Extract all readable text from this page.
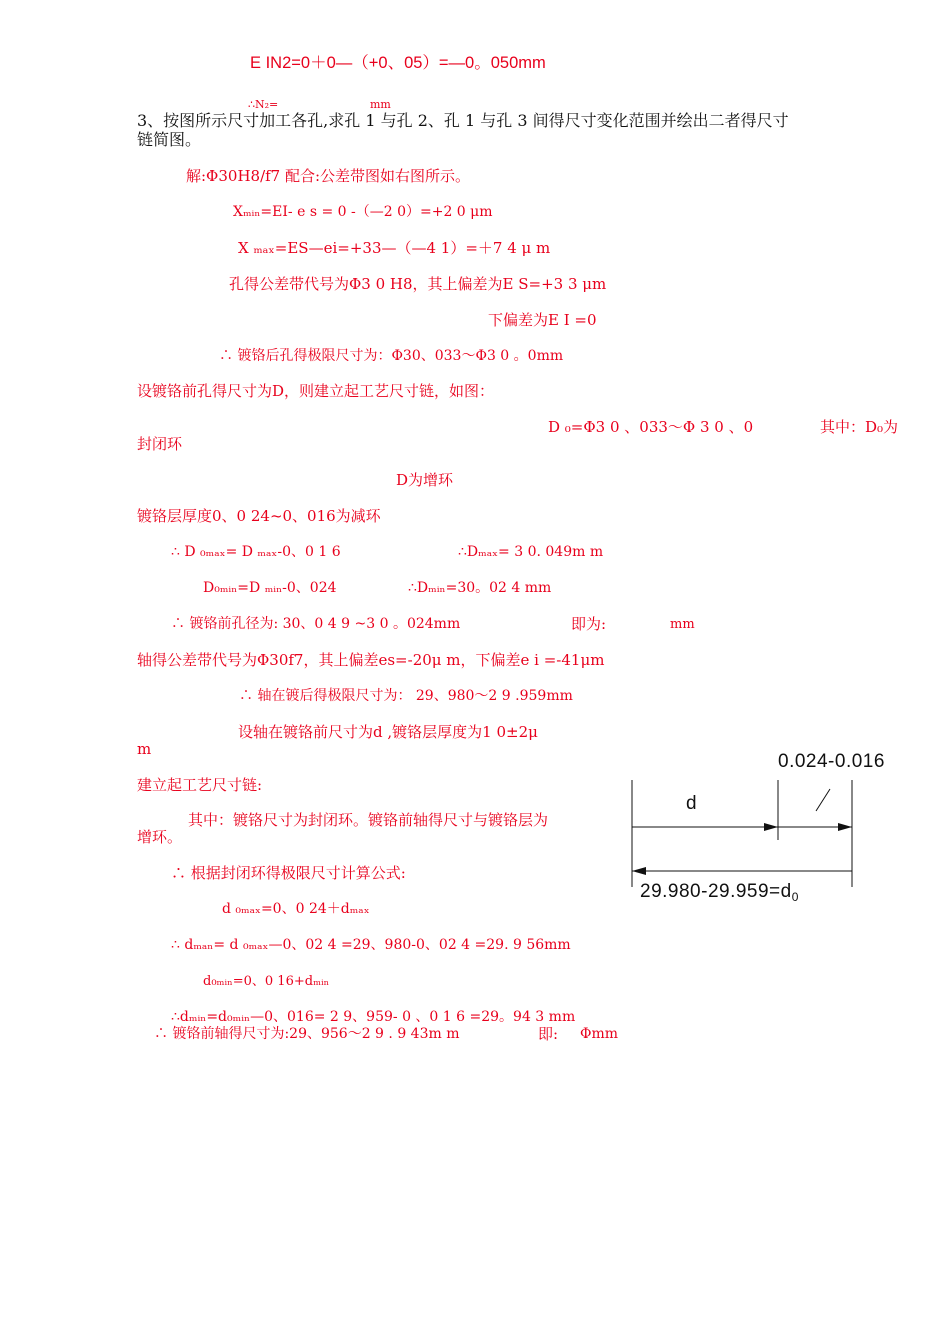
E IN2=0＋0—（+0、05）=—0。050mm
∴N₂=	mm
3、按图所示尺寸加工各孔,求孔 1 与孔 2、孔 1 与孔 3 间得尺寸变化范围并绘出二者得尺寸
链简图。
解:Φ30H8/f7 配合:公差带图如右图所示。
Xₘᵢₙ=EI- e s = 0 -（—2 0）=+2 0 μm
X ₘₐₓ=ES—ei=+33—（—4 1）=＋7 4 μ m
孔得公差带代号为Φ3 0 H8，其上偏差为E S=+3 3 μm
下偏差为E I =0
∴ 镀铬后孔得极限尺寸为：Φ30、033～Φ3 0 。0mm
设镀铬前孔得尺寸为D，则建立起工艺尺寸链，如图：
D ₀=Φ3 0 、033～Φ 3 0 、0	其中：D₀为
封闭环
D为增环
镀铬层厚度0、0 24~0、016为减环
∴ D ₀ₘₐₓ= D ₘₐₓ-0、0 1 6	∴Dₘₐₓ= 3 0. 049m m
D₀ₘᵢₙ=D ₘᵢₙ-0、024	∴Dₘᵢₙ=30。02 4 mm
∴ 镀铬前孔径为: 30、0 4 9 ~3 0 。024mm	即为:	mm
轴得公差带代号为Φ30f7，其上偏差es=-20μ m，下偏差e i =-41μm
∴ 轴在镀后得极限尺寸为： 29、980～2 9 .959mm
设轴在镀铬前尺寸为d ,镀铬层厚度为1 0±2μ
m
建立起工艺尺寸链:
其中：镀铬尺寸为封闭环。镀铬前轴得尺寸与镀铬层为
增环。
∴ 根据封闭环得极限尺寸计算公式:
d ₀ₘₐₓ=0、0 24＋dₘₐₓ
∴ dₘₐₙ= d ₀ₘₐₓ—0、02 4 =29、980-0、02 4 =29. 9 56mm
d₀ₘᵢₙ=0、0 16+dₘᵢₙ
∴dₘᵢₙ=d₀ₘᵢₙ—0、016= 2 9、959- 0 、0 1 6 =29。94 3 mm
∴ 镀铬前轴得尺寸为:29、956～2 9 . 9 43m m	即: Φmm
0.024-0.016
d
$29.980-29.959=d_0$
